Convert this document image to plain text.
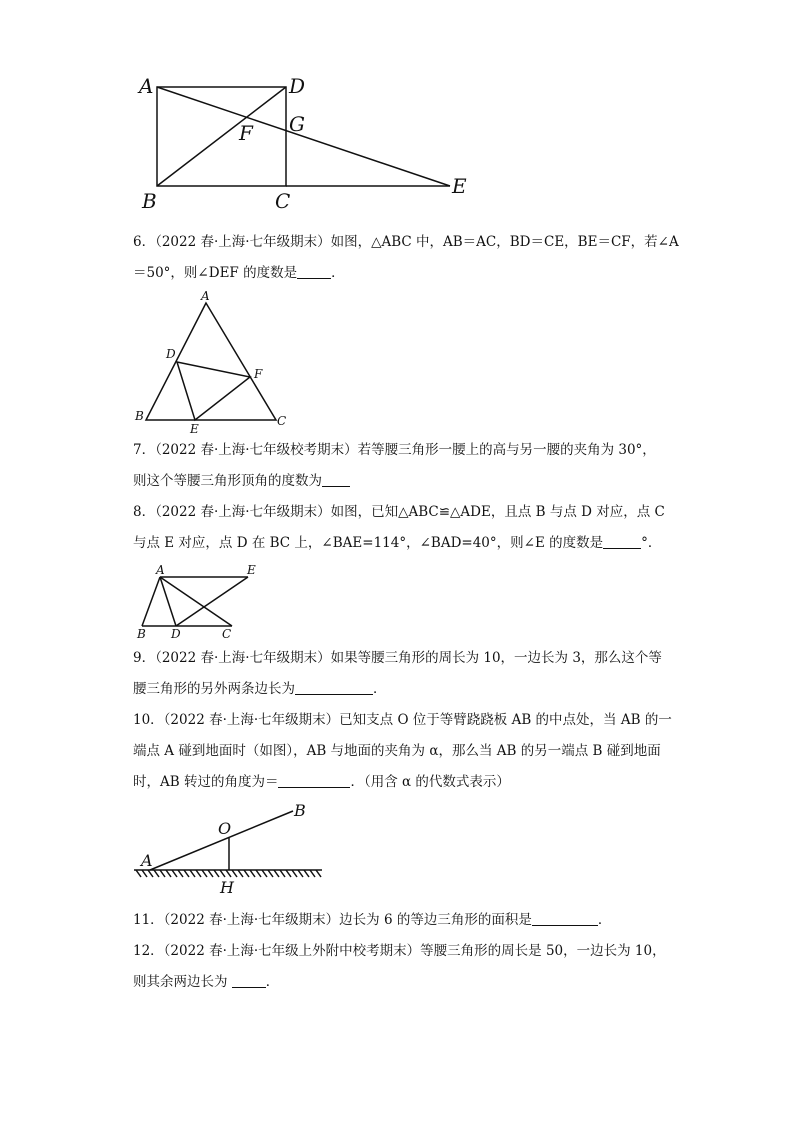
A	D
F G
B	C
E
6．（2022 春·上海·七年级期末）如图，△ABC 中，AB＝AC，BD＝CE，BE＝CF，若∠A
＝50°，则∠DEF 的度数是	．
A
D
F
B
E
C
7．（2022 春·上海·七年级校考期末）若等腰三角形一腰上的高与另一腰的夹角为 30°，
则这个等腰三角形顶角的度数为
8．（2022 春·上海·七年级期末）如图，已知△ABC≌△ADE，且点 B 与点 D 对应，点 C
与点 E 对应，点 D 在 BC 上，∠BAE=114°，∠BAD=40°，则∠E 的度数是	°．
A	E
B D	C
9．（2022 春·上海·七年级期末）如果等腰三角形的周长为 10，一边长为 3，那么这个等
腰三角形的另外两条边长为	．
10．（2022 春·上海·七年级期末）已知支点 O 位于等臂跷跷板 AB 的中点处，当 AB 的一
端点 A 碰到地面时（如图），AB 与地面的夹角为 α，那么当 AB 的另一端点 B 碰到地面
时，AB 转过的角度为＝	．（用含 α 的代数式表示）
O
B
A
H
11．（2022 春·上海·七年级期末）边长为 6 的等边三角形的面积是	．
12．（2022 春·上海·七年级上外附中校考期末）等腰三角形的周长是 50，一边长为 10，
则其余两边长为	．
